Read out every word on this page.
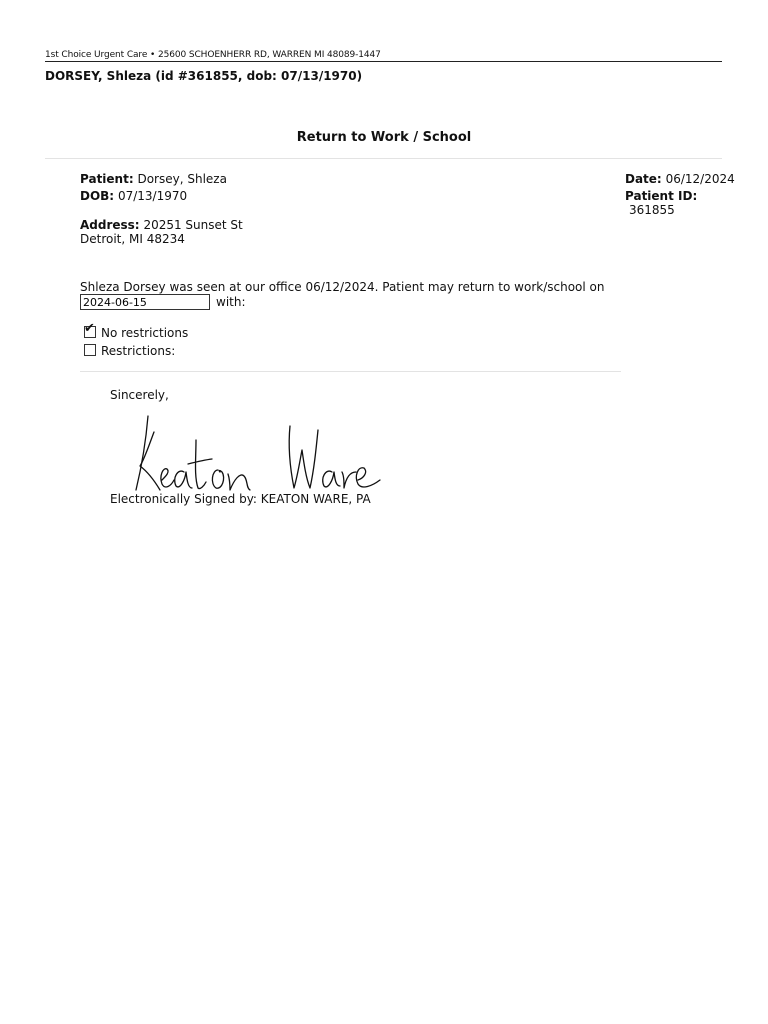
1st Choice Urgent Care • 25600 SCHOENHERR RD, WARREN MI 48089-1447
DORSEY, Shleza (id #361855, dob: 07/13/1970)
Return to Work / School
Patient: Dorsey, Shleza
DOB: 07/13/1970
Address: 20251 Sunset St
Detroit, MI 48234
Date: 06/12/2024
Patient ID:
361855
Shleza Dorsey was seen at our office 06/12/2024. Patient may return to work/school on
2024-06-15	with:
✔ No restrictions
Restrictions:
Sincerely,
Electronically Signed by: KEATON WARE, PA
